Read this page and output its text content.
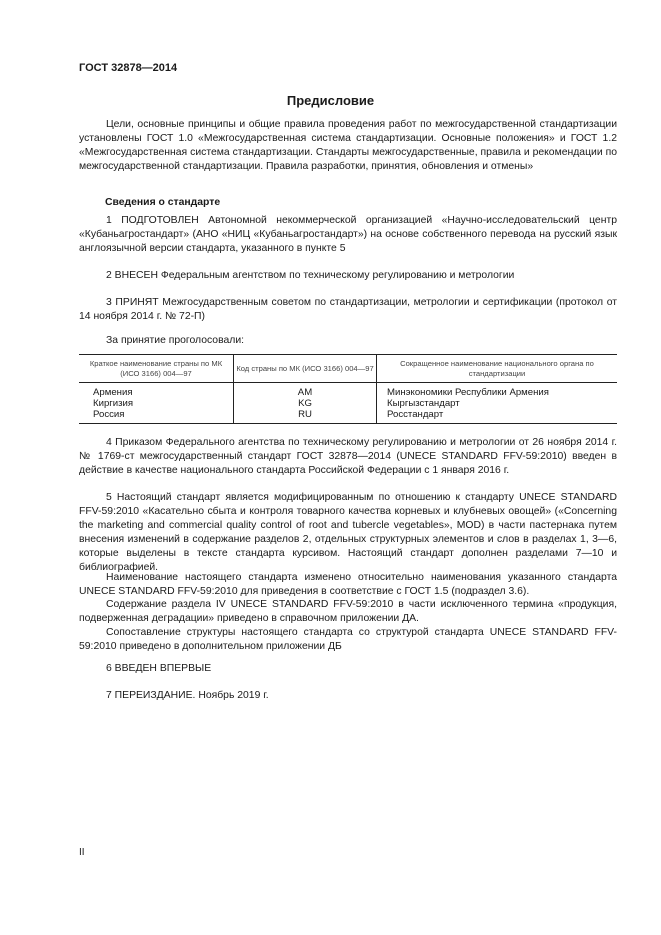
ГОСТ 32878—2014
Предисловие

Цели, основные принципы и общие правила проведения работ по межгосударственной стандартизации установлены ГОСТ 1.0 «Межгосударственная система стандартизации. Основные положения» и ГОСТ 1.2 «Межгосударственная система стандартизации. Стандарты межгосударственные, правила и рекомендации по межгосударственной стандартизации. Правила разработки, принятия, обновления и отмены»

Сведения о стандарте

1 ПОДГОТОВЛЕН Автономной некоммерческой организацией «Научно-исследовательский центр «Кубаньагростандарт» (АНО «НИЦ «Кубаньагростандарт») на основе собственного перевода на русский язык англоязычной версии стандарта, указанного в пункте 5

2 ВНЕСЕН Федеральным агентством по техническому регулированию и метрологии

3 ПРИНЯТ Межгосударственным советом по стандартизации, метрологии и сертификации (протокол от 14 ноября 2014 г. № 72-П)

За принятие проголосовали:

Краткое наименование страны по МК (ИСО 3166) 004—97	Код страны по МК (ИСО 3166) 004—97	Сокращенное наименование национального органа по стандартизации
Армения	AM	Минэкономики Республики Армения
Киргизия	KG	Кыргызстандарт
Россия	RU	Росстандарт

4 Приказом Федерального агентства по техническому регулированию и метрологии от 26 ноября 2014 г. № 1769-ст межгосударственный стандарт ГОСТ 32878—2014 (UNECE STANDARD FFV-59:2010) введен в действие в качестве национального стандарта Российской Федерации с 1 января 2016 г.

5 Настоящий стандарт является модифицированным по отношению к стандарту UNECE STANDARD FFV-59:2010 «Касательно сбыта и контроля товарного качества корневых и клубневых овощей» («Concerning the marketing and commercial quality control of root and tubercle vegetables», MOD) в части пастернака путем внесения изменений в содержание разделов 2, отдельных структурных элементов и слов в разделах 1, 3—6, которые выделены в тексте стандарта курсивом. Настоящий стандарт дополнен разделами 7—10 и библиографией.

Наименование настоящего стандарта изменено относительно наименования указанного стандарта UNECE STANDARD FFV-59:2010 для приведения в соответствие с ГОСТ 1.5 (подраздел 3.6).

Содержание раздела IV UNECE STANDARD FFV-59:2010 в части исключенного термина «продукция, подверженная деградации» приведено в справочном приложении ДА.

Сопоставление структуры настоящего стандарта со структурой стандарта UNECE STANDARD FFV-59:2010 приведено в дополнительном приложении ДБ

6 ВВЕДЕН ВПЕРВЫЕ

7 ПЕРЕИЗДАНИЕ. Ноябрь 2019 г.

II
